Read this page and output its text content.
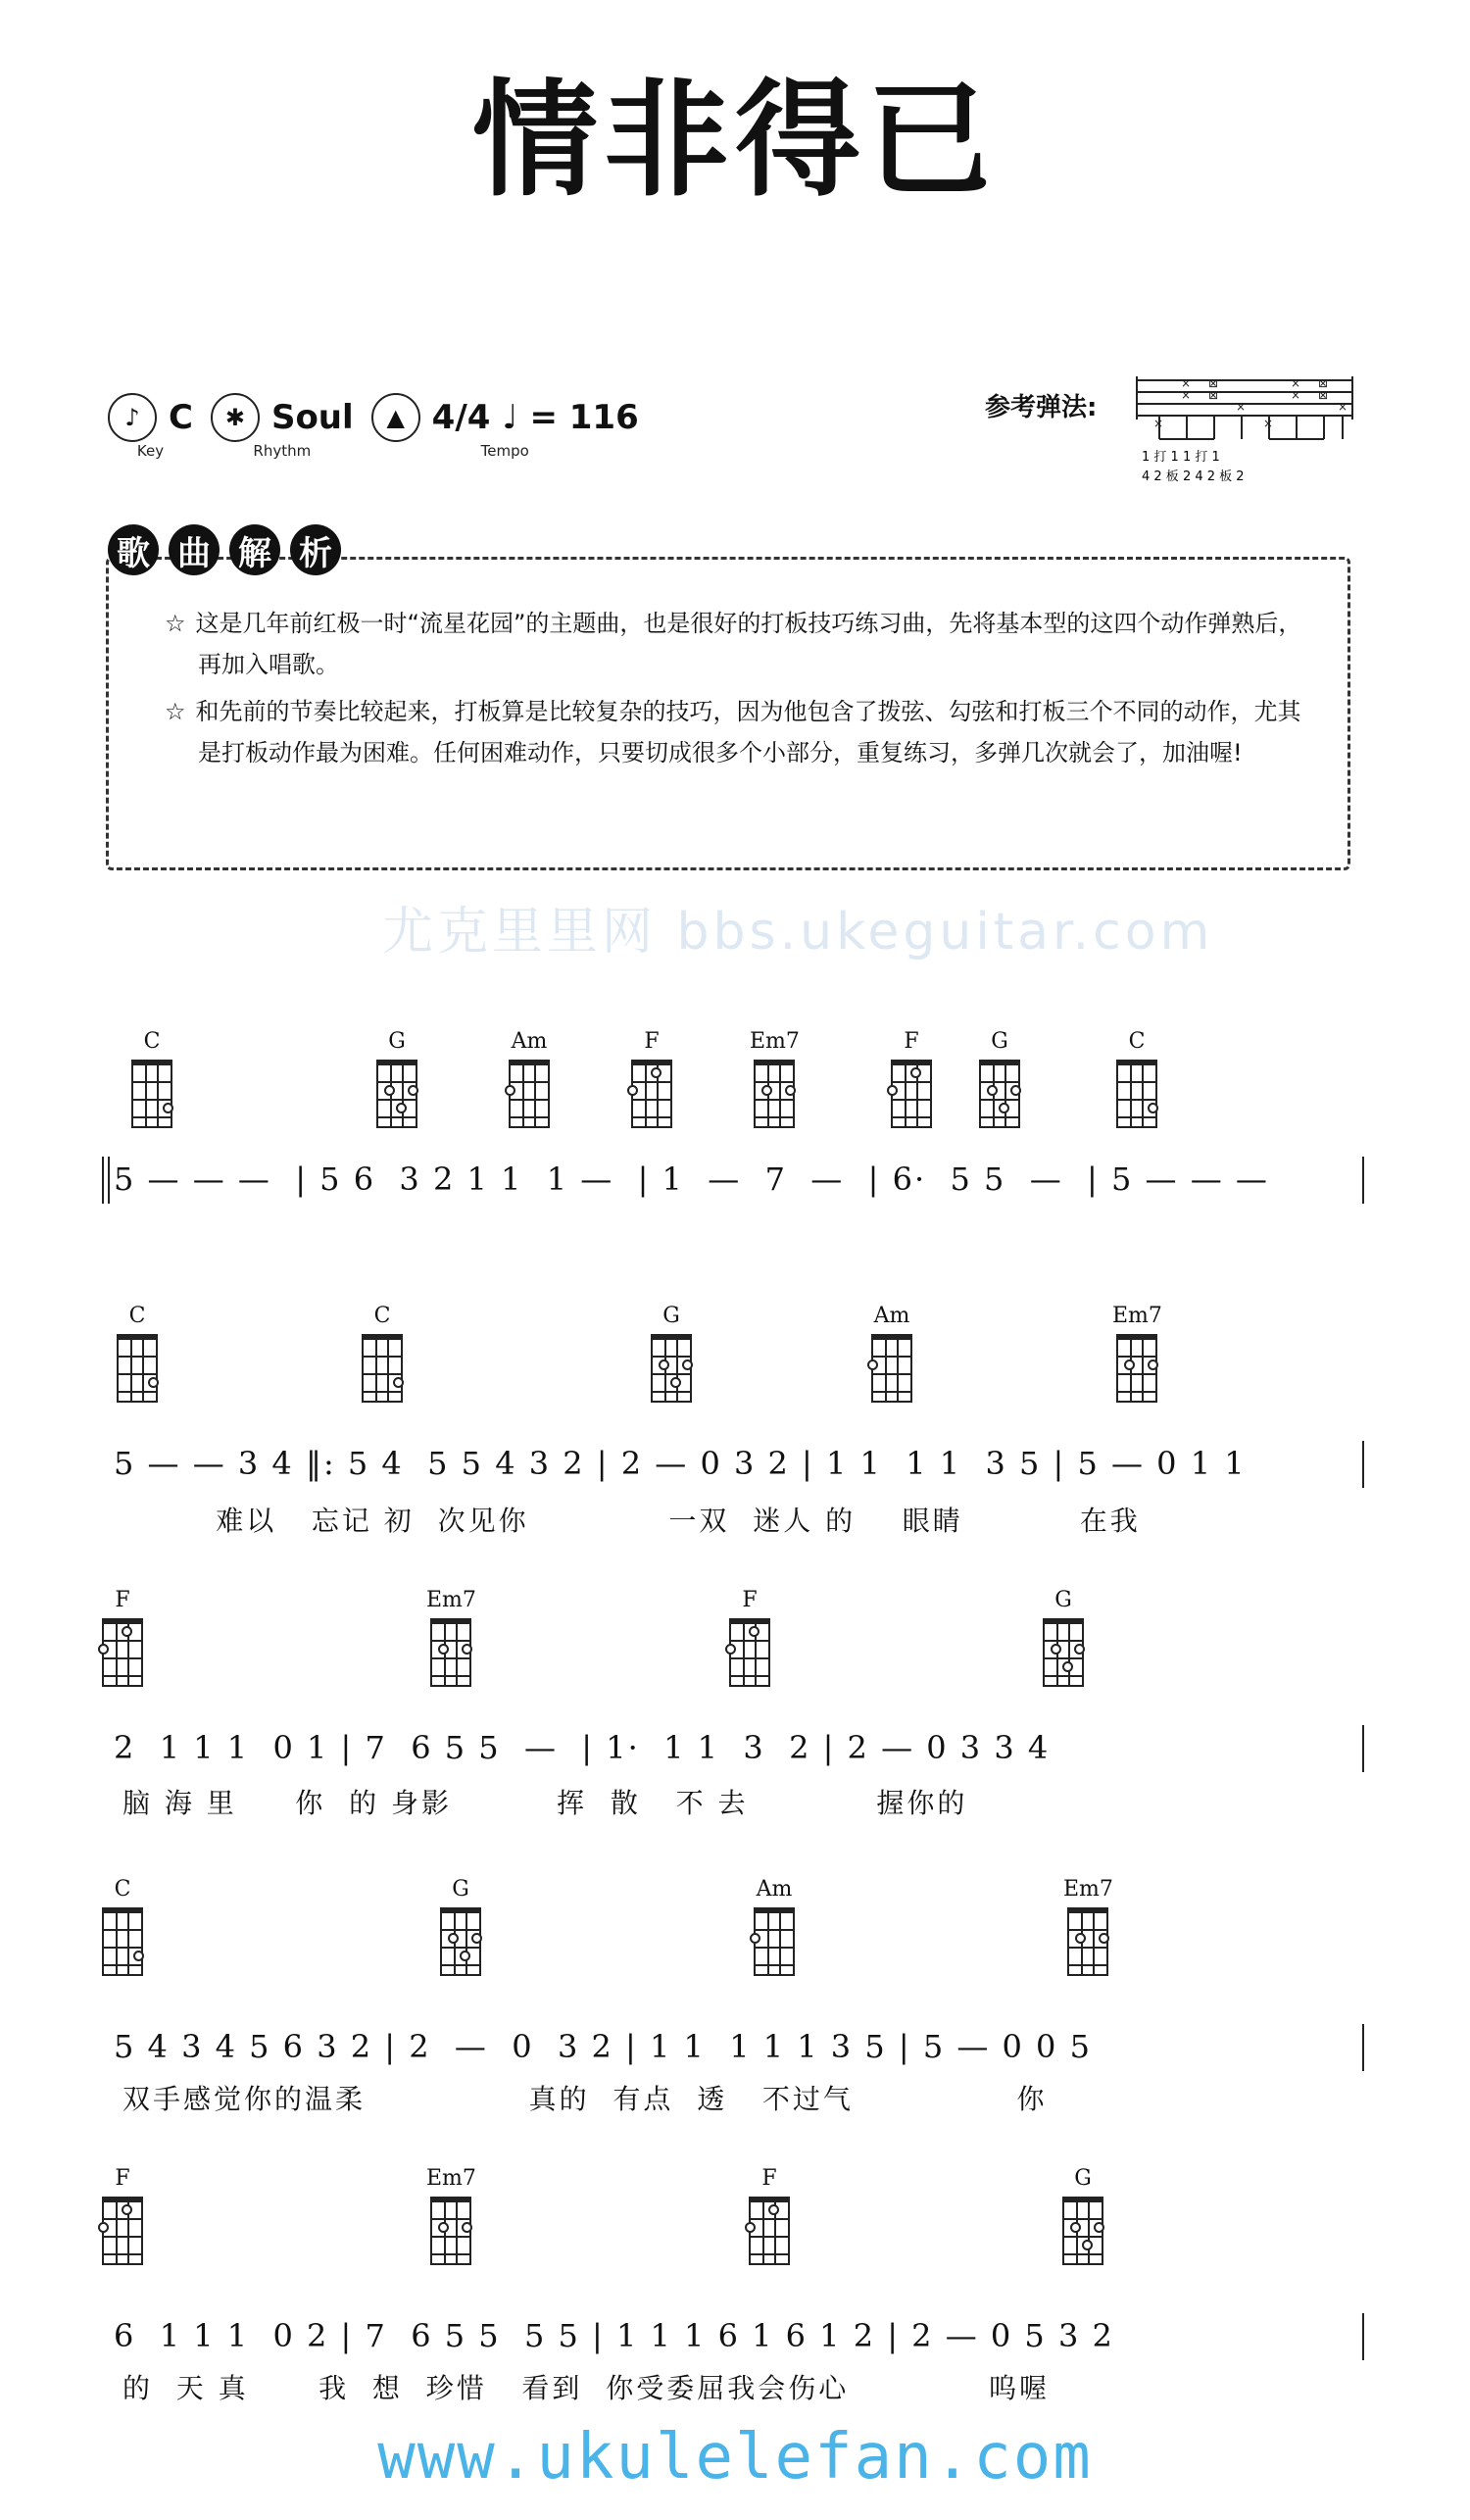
情非得已
♪ C
Key
✱ Soul
Rhythm
▲ 4/4 ♩ = 116
Tempo
参考弹法:
×
×
×
⊠
⊠
×
×
×
×
⊠
⊠
×
1 打 1 1 打 1
4 2 板 2 4 2 板 2
歌 曲 解 析

☆ 这是几年前红极一时“流星花园”的主题曲，也是很好的打板技巧练习曲，先将基本型的这四个动作弹熟后，再加入唱歌。

☆ 和先前的节奏比较起来，打板算是比较复杂的技巧，因为他包含了拨弦、勾弦和打板三个不同的动作，尤其是打板动作最为困难。任何困难动作，只要切成很多个小部分，重复练习，多弹几次就会了，加油喔!

尤克里里网 bbs.ukeguitar.com
C	G	Am	F	Em7	F	G	C
5 — — —  | 5 6  3 2 1 1  1 —  | 1  —  7  —  | 6·  5 5  —  | 5 — — —
C	C	G	Am	Em7
5 — — 3 4 ‖: 5 4  5 5 4 3 2 | 2 — 0 3 2 | 1 1  1 1  3 5 | 5 — 0 1 1
难以   忘记 初  次见你            一双  迷人 的    眼睛          在我
F	Em7	F	G
2  1 1 1  0 1 | 7  6 5 5  —  | 1·  1 1  3  2 | 2 — 0 3 3 4
脑 海 里     你  的 身影         挥  散   不 去           握你的
C	G	Am	Em7
5 4 3 4 5 6 3 2 | 2  —  0  3 2 | 1 1  1 1 1 3 5 | 5 — 0 0 5
双手感觉你的温柔              真的  有点  透   不过气              你
F	Em7	F	G
6  1 1 1  0 2 | 7  6 5 5  5 5 | 1 1 1 6 1 6 1 2 | 2 — 0 5 3 2
的  天 真      我  想  珍惜   看到  你受委屈我会伤心            呜喔
www.ukulelefan.com
